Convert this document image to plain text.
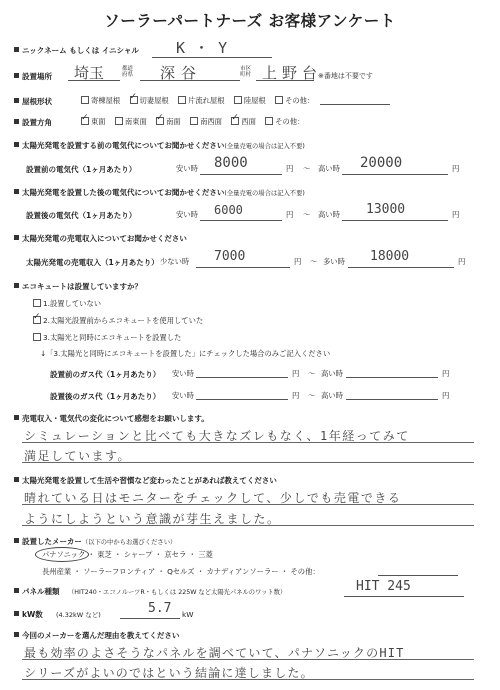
ソーラーパートナーズ お客様アンケート
ニックネーム もしくは イニシャル K ・ Y
設置場所 埼玉	都道府県 深谷	市区町村 上野台
※番地は不要です
屋根形状	寄棟屋根 ✓ 切妻屋根	片流れ屋根	陸屋根	その他：
設置方角	✓ 東面	南東面 ✓ 南面	南西面 ✓ 西面	その他：
太陽光発電を設置する前の電気代についてお聞かせください(全量売電の場合は記入不要)
設置前の電気代（1ヶ月あたり）	安い時 8000	円 ～ 高い時 20000	円
太陽光発電を設置した後の電気代についてお聞かせください(全量売電の場合は記入不要)
設置後の電気代（1ヶ月あたり）	安い時 6000	円 ～ 高い時 13000	円
太陽光発電の売電収入についてお聞かせください
太陽光発電の売電収入（1ヶ月あたり） 少ない時 7000	円 ～ 多い時 18000	円
エコキュートは設置していますか？
1.設置していない
✓ 2.太陽光設置前からエコキュートを使用していた
3.太陽光と同時にエコキュートを設置した
↓「3.太陽光と同時にエコキュートを設置した」にチェックした場合のみご記入ください
設置前のガス代（1ヶ月あたり） 安い時	円 ～ 高い時	円
設置後のガス代（1ヶ月あたり） 安い時	円 ～ 高い時	円
売電収入・電気代の変化について感想をお願いします。
シミュレーションと比べても大きなズレもなく、1年経ってみて
満足しています。
太陽光発電を設置して生活や習慣など変わったことがあれば教えてください
晴れている日はモニターをチェックして、少しでも売電できる
ようにしようという意識が芽生えました。
設置したメーカー（以下の中からお選びください）
パナソニック ・ 東芝 ・ シャープ ・ 京セラ ・ 三菱
長州産業 ・ ソーラーフロンティア ・ Qセルズ ・ カナディアンソーラー ・ その他：
パネル種類 （HIT240・エコノルーツR・もしくは 225W など太陽光パネルのワット数）	HIT 245
kW数 (4.32kW など)	5.7 kW
今回のメーカーを選んだ理由を教えてください
最も効率のよさそうなパネルを調べていて、パナソニックのHIT
シリーズがよいのではという結論に達しました。
